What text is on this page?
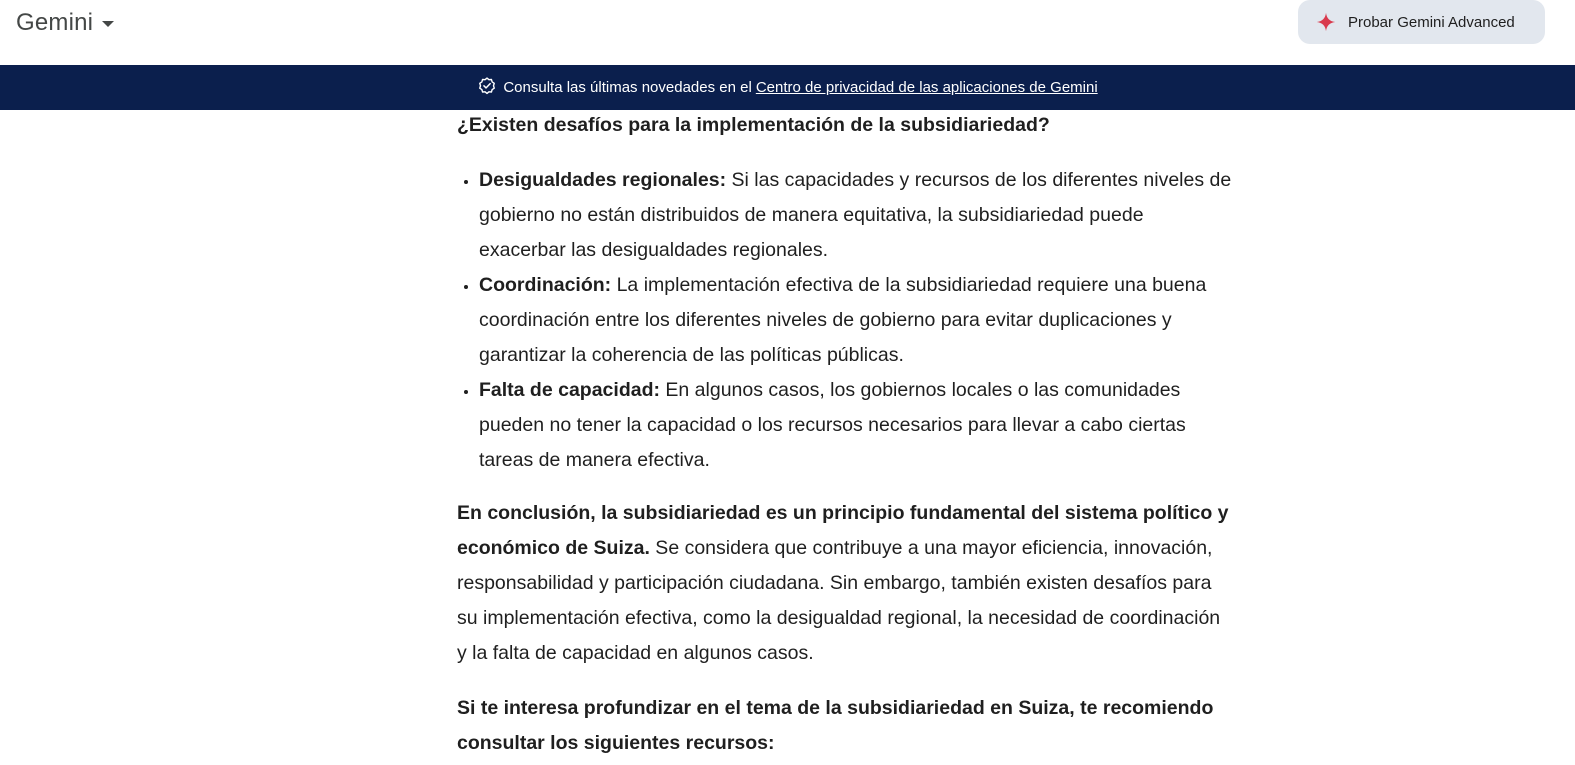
Gemini	Probar Gemini Advanced
Consulta las últimas novedades en el Centro de privacidad de las aplicaciones de Gemini

¿Existen desafíos para la implementación de la subsidiariedad?

• Desigualdades regionales: Si las capacidades y recursos de los diferentes niveles de gobierno no están distribuidos de manera equitativa, la subsidiariedad puede exacerbar las desigualdades regionales.
• Coordinación: La implementación efectiva de la subsidiariedad requiere una buena coordinación entre los diferentes niveles de gobierno para evitar duplicaciones y garantizar la coherencia de las políticas públicas.
• Falta de capacidad: En algunos casos, los gobiernos locales o las comunidades pueden no tener la capacidad o los recursos necesarios para llevar a cabo ciertas tareas de manera efectiva.

En conclusión, la subsidiariedad es un principio fundamental del sistema político y económico de Suiza. Se considera que contribuye a una mayor eficiencia, innovación, responsabilidad y participación ciudadana. Sin embargo, también existen desafíos para su implementación efectiva, como la desigualdad regional, la necesidad de coordinación y la falta de capacidad en algunos casos.

Si te interesa profundizar en el tema de la subsidiariedad en Suiza, te recomiendo consultar los siguientes recursos:
